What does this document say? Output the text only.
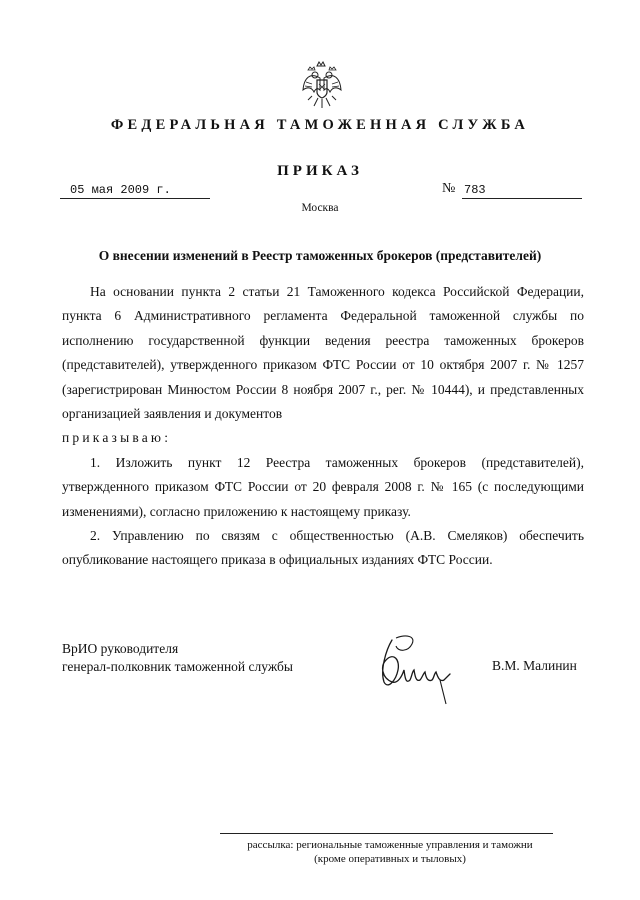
ФЕДЕРАЛЬНАЯ ТАМОЖЕННАЯ СЛУЖБА
ПРИКАЗ
05 мая 2009 г.	№ 783
Москва
О внесении изменений в Реестр таможенных брокеров (представителей)

На основании пункта 2 статьи 21 Таможенного кодекса Российской Федерации, пункта 6 Административного регламента Федеральной таможенной службы по исполнению государственной функции ведения реестра таможенных брокеров (представителей), утвержденного приказом ФТС России от 10 октября 2007 г. № 1257 (зарегистрирован Минюстом России 8 ноября 2007 г., рег. № 10444), и представленных организацией заявления и документов
приказываю:

1. Изложить пункт 12 Реестра таможенных брокеров (представителей), утвержденного приказом ФТС России от 20 февраля 2008 г. № 165 (с последующими изменениями), согласно приложению к настоящему приказу.

2. Управлению по связям с общественностью (А.В. Смеляков) обеспечить опубликование настоящего приказа в официальных изданиях ФТС России.

ВрИО руководителя
генерал-полковник таможенной службы	В.М. Малинин
рассылка: региональные таможенные управления и таможни
(кроме оперативных и тыловых)
